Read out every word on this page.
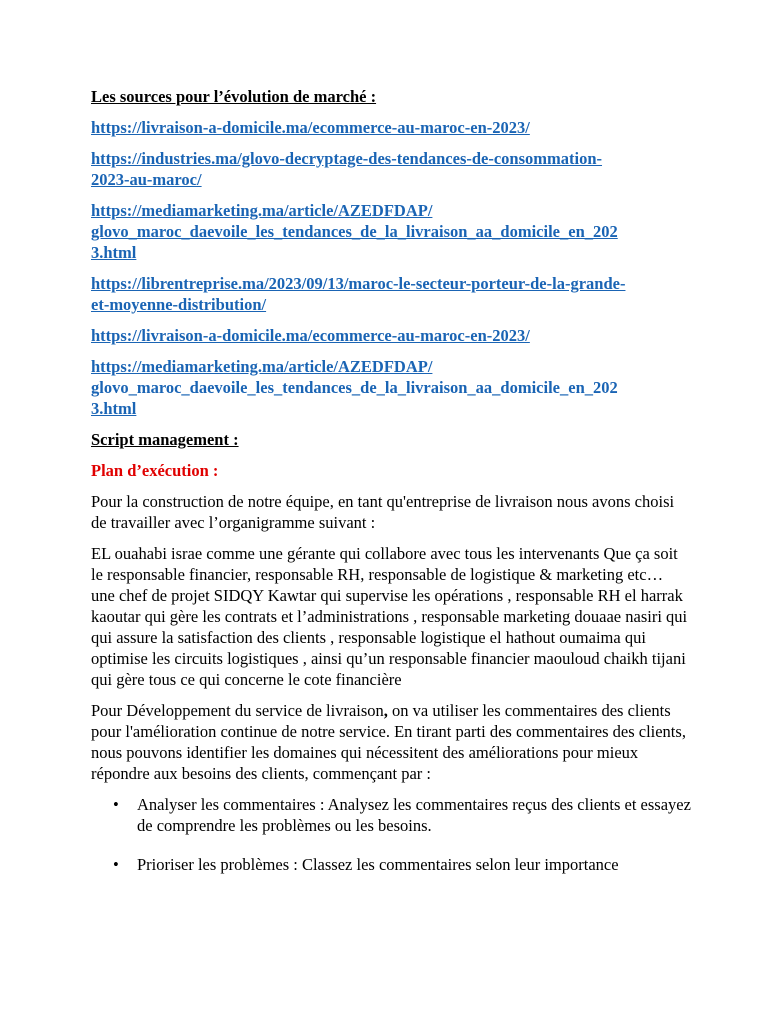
Les sources pour l’évolution de marché :
https://livraison-a-domicile.ma/ecommerce-au-maroc-en-2023/
https://industries.ma/glovo-decryptage-des-tendances-de-consommation-
2023-au-maroc/
https://mediamarketing.ma/article/AZEDFDAP/
glovo_maroc_daevoile_les_tendances_de_la_livraison_aa_domicile_en_202
3.html
https://librentreprise.ma/2023/09/13/maroc-le-secteur-porteur-de-la-grande-
et-moyenne-distribution/
https://livraison-a-domicile.ma/ecommerce-au-maroc-en-2023/
https://mediamarketing.ma/article/AZEDFDAP/
glovo_maroc_daevoile_les_tendances_de_la_livraison_aa_domicile_en_202
3.html
Script management :
Plan d’exécution :

Pour la construction de notre équipe, en tant qu'entreprise de livraison nous avons choisi de travailler avec l’organigramme suivant :

EL ouahabi israe comme une gérante qui collabore avec tous les intervenants Que ça soit le responsable financier, responsable RH, responsable de logistique & marketing etc… une chef de projet SIDQY Kawtar qui supervise les opérations , responsable RH el harrak kaoutar qui gère les contrats et l’administrations , responsable marketing douaae nasiri qui qui assure la satisfaction des clients , responsable logistique el hathout oumaima qui optimise les circuits logistiques , ainsi qu’un responsable financier maouloud chaikh tijani qui gère tous ce qui concerne le cote financière

Pour Développement du service de livraison, on va utiliser les commentaires des clients pour l'amélioration continue de notre service. En tirant parti des commentaires des clients, nous pouvons identifier les domaines qui nécessitent des améliorations pour mieux répondre aux besoins des clients, commençant par :

• Analyser les commentaires : Analysez les commentaires reçus des clients et essayez de comprendre les problèmes ou les besoins.
• Prioriser les problèmes : Classez les commentaires selon leur importance
